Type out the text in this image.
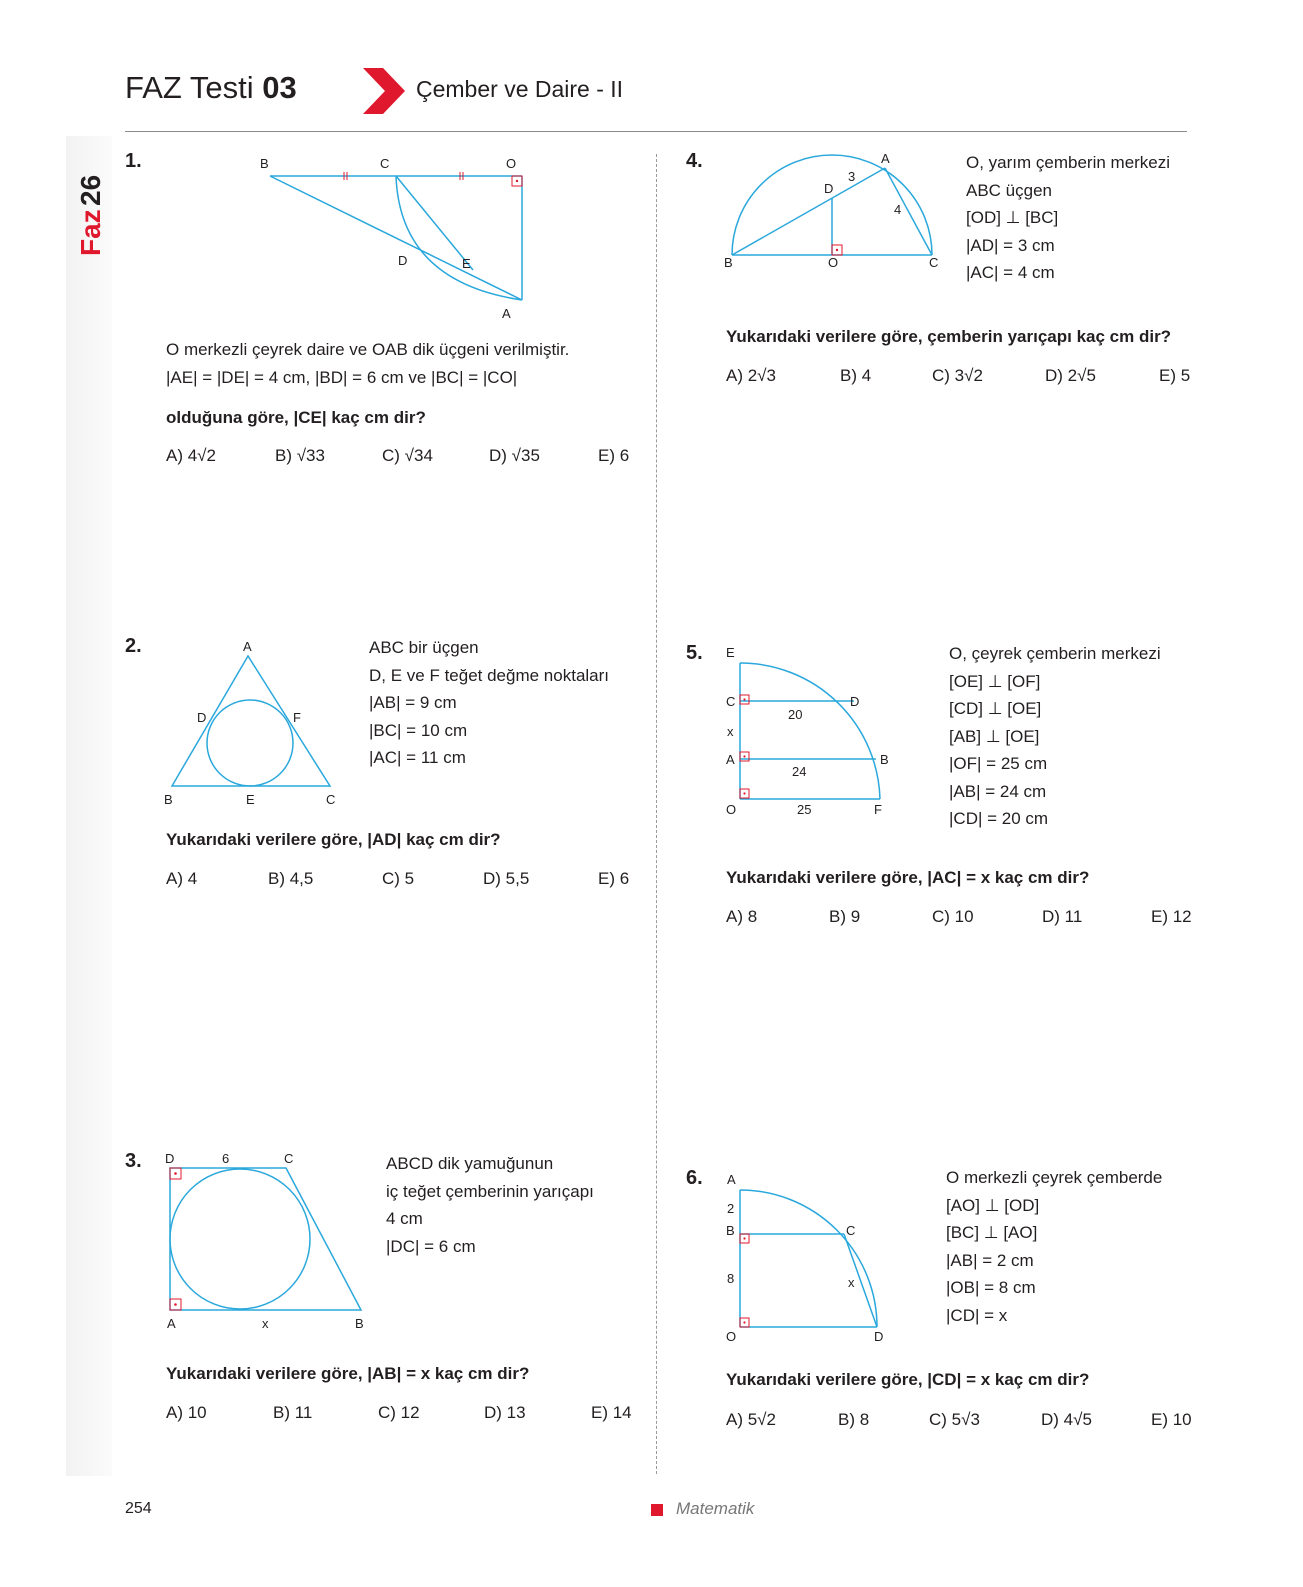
FAZ Testi 03	Çember ve Daire - II
Faz
26
1.	B	C	O
D	E
A
O merkezli çeyrek daire ve OAB dik üçgeni verilmiştir.
|AE| = |DE| = 4 cm, |BD| = 6 cm ve |BC| = |CO|
olduğuna göre, |CE| kaç cm dir?
A) 4√2	B) √33	C) √34	D) √35	E) 6
2.	A
D	F
B	E	C
ABC bir üçgen
D, E ve F teğet değme noktaları
|AB| = 9 cm
|BC| = 10 cm
|AC| = 11 cm
Yukarıdaki verilere göre, |AD| kaç cm dir?
A) 4	B) 4,5	C) 5	D) 5,5	E) 6
3. D	6	C
A	x	B
ABCD dik yamuğunun
iç teğet çemberinin yarıçapı
4 cm
|DC| = 6 cm
Yukarıdaki verilere göre, |AB| = x kaç cm dir?
A) 10	B) 11	C) 12	D) 13	E) 14
4.	A
3
D
4
B	O	C
O, yarım çemberin merkezi
ABC üçgen
[OD] ⊥ [BC]
|AD| = 3 cm
|AC| = 4 cm
Yukarıdaki verilere göre, çemberin yarıçapı kaç cm dir?
A) 2√3	B) 4	C) 3√2	D) 2√5	E) 5
5. E
C
20
D
x
A
24
B
O	25	F
O, çeyrek çemberin merkezi
[OE] ⊥ [OF]
[CD] ⊥ [OE]
[AB] ⊥ [OE]
|OF| = 25 cm
|AB| = 24 cm
|CD| = 20 cm
Yukarıdaki verilere göre, |AC| = x kaç cm dir?
A) 8	B) 9	C) 10	D) 11	E) 12
6. A
2
B	C
8	x
O	D
O merkezli çeyrek çemberde
[AO] ⊥ [OD]
[BC] ⊥ [AO]
|AB| = 2 cm
|OB| = 8 cm
|CD| = x
Yukarıdaki verilere göre, |CD| = x kaç cm dir?
A) 5√2	B) 8	C) 5√3	D) 4√5	E) 10
254	Matematik
